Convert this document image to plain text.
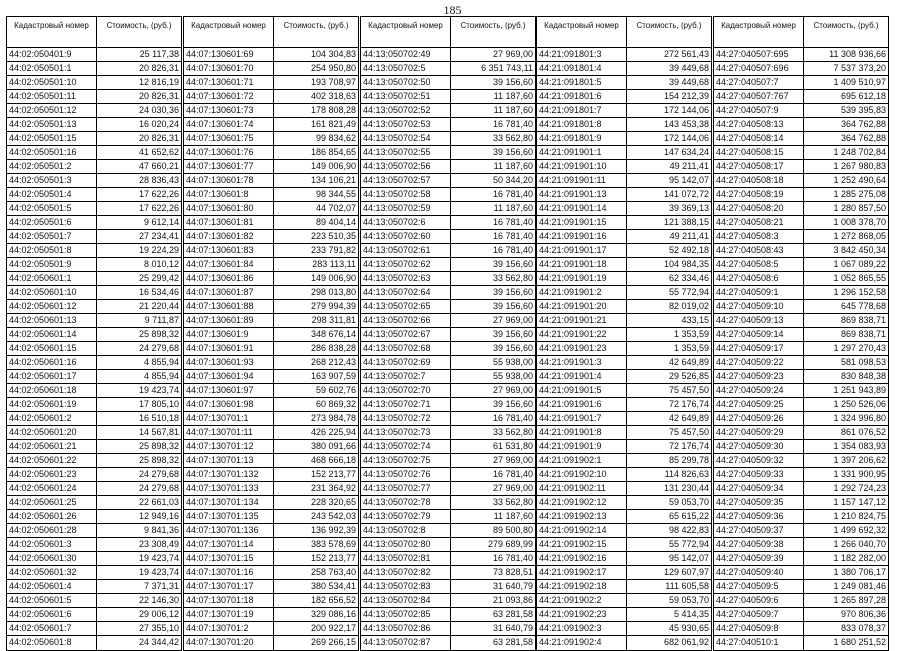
185
Кадастровый номер	Стоимость, (руб.)
44:02:050401:9	25 117,38
44:02:050501:1	20 826,31
44:02:050501:10	12 816,19
44:02:050501:11	20 826,31
44:02:050501:12	24 030,36
44:02:050501:13	16 020,24
44:02:050501:15	20 826,31
44:02:050501:16	41 652,62
44:02:050501:2	47 660,21
44:02:050501:3	28 836,43
44:02:050501:4	17 622,26
44:02:050501:5	17 622,26
44:02:050501:6	9 612,14
44:02:050501:7	27 234,41
44:02:050501:8	19 224,29
44:02:050501:9	8 010,12
44:02:050601:1	25 299,42
44:02:050601:10	16 534,46
44:02:050601:12	21 220,44
44:02:050601:13	9 711,87
44:02:050601:14	25 898,32
44:02:050601:15	24 279,68
44:02:050601:16	4 855,94
44:02:050601:17	4 855,94
44:02:050601:18	19 423,74
44:02:050601:19	17 805,10
44:02:050601:2	16 510,18
44:02:050601:20	14 567,81
44:02:050601:21	25 898,32
44:02:050601:22	25 898,32
44:02:050601:23	24 279,68
44:02:050601:24	24 279,68
44:02:050601:25	22 661,03
44:02:050601:26	12 949,16
44:02:050601:28	9 841,36
44:02:050601:3	23 308,49
44:02:050601:30	19 423,74
44:02:050601:32	19 423,74
44:02:050601:4	7 371,31
44:02:050601:5	22 146,30
44:02:050601:6	29 006,12
44:02:050601:7	27 355,10
44:02:050601:8	24 344,42
Кадастровый номер	Стоимость, (руб.)
44:07:130601:69	104 304,83
44:07:130601:70	254 950,80
44:07:130601:71	193 708,97
44:07:130601:72	402 318,63
44:07:130601:73	178 808,28
44:07:130601:74	161 821,49
44:07:130601:75	99 834,62
44:07:130601:76	186 854,65
44:07:130601:77	149 006,90
44:07:130601:78	134 106,21
44:07:130601:8	98 344,55
44:07:130601:80	44 702,07
44:07:130601:81	89 404,14
44:07:130601:82	223 510,35
44:07:130601:83	233 791,82
44:07:130601:84	283 113,11
44:07:130601:86	149 006,90
44:07:130601:87	298 013,80
44:07:130601:88	279 994,39
44:07:130601:89	298 311,81
44:07:130601:9	348 676,14
44:07:130601:91	286 838,28
44:07:130601:93	268 212,43
44:07:130601:94	163 907,59
44:07:130601:97	59 602,76
44:07:130601:98	60 869,32
44:07:130701:1	273 984,78
44:07:130701:11	426 225,94
44:07:130701:12	380 091,66
44:07:130701:13	468 666,18
44:07:130701:132	152 213,77
44:07:130701:133	231 364,92
44:07:130701:134	228 320,65
44:07:130701:135	243 542,03
44:07:130701:136	136 992,39
44:07:130701:14	383 578,69
44:07:130701:15	152 213,77
44:07:130701:16	258 763,40
44:07:130701:17	380 534,41
44:07:130701:18	182 656,52
44:07:130701:19	329 086,16
44:07:130701:2	200 922,17
44:07:130701:20	269 266,15
Кадастровый номер	Стоимость, (руб.)
44:13:050702:49	27 969,00
44:13:050702:5	6 351 743,11
44:13:050702:50	39 156,60
44:13:050702:51	11 187,60
44:13:050702:52	11 187,60
44:13:050702:53	16 781,40
44:13:050702:54	33 562,80
44:13:050702:55	39 156,60
44:13:050702:56	11 187,60
44:13:050702:57	50 344,20
44:13:050702:58	16 781,40
44:13:050702:59	11 187,60
44:13:050702:6	16 781,40
44:13:050702:60	16 781,40
44:13:050702:61	16 781,40
44:13:050702:62	39 156,60
44:13:050702:63	33 562,80
44:13:050702:64	39 156,60
44:13:050702:65	39 156,60
44:13:050702:66	27 969,00
44:13:050702:67	39 156,60
44:13:050702:68	39 156,60
44:13:050702:69	55 938,00
44:13:050702:7	55 938,00
44:13:050702:70	27 969,00
44:13:050702:71	39 156,60
44:13:050702:72	16 781,40
44:13:050702:73	33 562,80
44:13:050702:74	61 531,80
44:13:050702:75	27 969,00
44:13:050702:76	16 781,40
44:13:050702:77	27 969,00
44:13:050702:78	33 562,80
44:13:050702:79	11 187,60
44:13:050702:8	89 500,80
44:13:050702:80	279 689,99
44:13:050702:81	16 781,40
44:13:050702:82	73 828,51
44:13:050702:83	31 640,79
44:13:050702:84	21 093,86
44:13:050702:85	63 281,58
44:13:050702:86	31 640,79
44:13:050702:87	63 281,58
Кадастровый номер	Стоимость, (руб.)
44:21:091801:3	272 561,43
44:21:091801:4	39 449,68
44:21:091801:5	39 449,68
44:21:091801:6	154 212,39
44:21:091801:7	172 144,06
44:21:091801:8	143 453,38
44:21:091801:9	172 144,06
44:21:091901:1	147 634,24
44:21:091901:10	49 211,41
44:21:091901:11	95 142,07
44:21:091901:13	141 072,72
44:21:091901:14	39 369,13
44:21:091901:15	121 388,15
44:21:091901:16	49 211,41
44:21:091901:17	52 492,18
44:21:091901:18	104 984,35
44:21:091901:19	62 334,46
44:21:091901:2	55 772,94
44:21:091901:20	82 019,02
44:21:091901:21	433,15
44:21:091901:22	1 353,59
44:21:091901:23	1 353,59
44:21:091901:3	42 649,89
44:21:091901:4	29 526,85
44:21:091901:5	75 457,50
44:21:091901:6	72 176,74
44:21:091901:7	42 649,89
44:21:091901:8	75 457,50
44:21:091901:9	72 176,74
44:21:091902:1	85 299,78
44:21:091902:10	114 826,63
44:21:091902:11	131 230,44
44:21:091902:12	59 053,70
44:21:091902:13	65 615,22
44:21:091902:14	98 422,83
44:21:091902:15	55 772,94
44:21:091902:16	95 142,07
44:21:091902:17	129 607,97
44:21:091902:18	111 605,58
44:21:091902:2	59 053,70
44:21:091902:23	5 414,35
44:21:091902:3	45 930,65
44:21:091902:4	682 061,92
Кадастровый номер	Стоимость, (руб.)
44:27:040507:695	11 308 936,66
44:27:040507:696	7 537 373,20
44:27:040507:7	1 409 510,97
44:27:040507:767	695 612,18
44:27:040507:9	539 395,83
44:27:040508:13	364 762,88
44:27:040508:14	364 762,88
44:27:040508:15	1 248 702,84
44:27:040508:17	1 267 980,83
44:27:040508:18	1 252 490,64
44:27:040508:19	1 285 275,08
44:27:040508:20	1 280 857,50
44:27:040508:21	1 008 378,70
44:27:040508:3	1 272 868,05
44:27:040508:43	3 842 450,34
44:27:040508:5	1 067 089,22
44:27:040508:6	1 052 865,55
44:27:040509:1	1 296 152,58
44:27:040509:10	645 778,68
44:27:040509:13	869 838,71
44:27:040509:14	869 838,71
44:27:040509:17	1 297 270,43
44:27:040509:22	581 098,53
44:27:040509:23	830 848,38
44:27:040509:24	1 251 943,89
44:27:040509:25	1 250 526,06
44:27:040509:26	1 324 996,80
44:27:040509:29	861 076,52
44:27:040509:30	1 354 083,93
44:27:040509:32	1 397 206,62
44:27:040509:33	1 331 900,95
44:27:040509:34	1 292 724,23
44:27:040509:35	1 157 147,12
44:27:040509:36	1 210 824,75
44:27:040509:37	1 499 692,32
44:27:040509:38	1 266 040,70
44:27:040509:39	1 182 282,00
44:27:040509:40	1 380 706,17
44:27:040509:5	1 249 081,46
44:27:040509:6	1 265 897,28
44:27:040509:7	970 806,36
44:27:040509:8	833 078,37
44:27:040510:1	1 680 251,52
